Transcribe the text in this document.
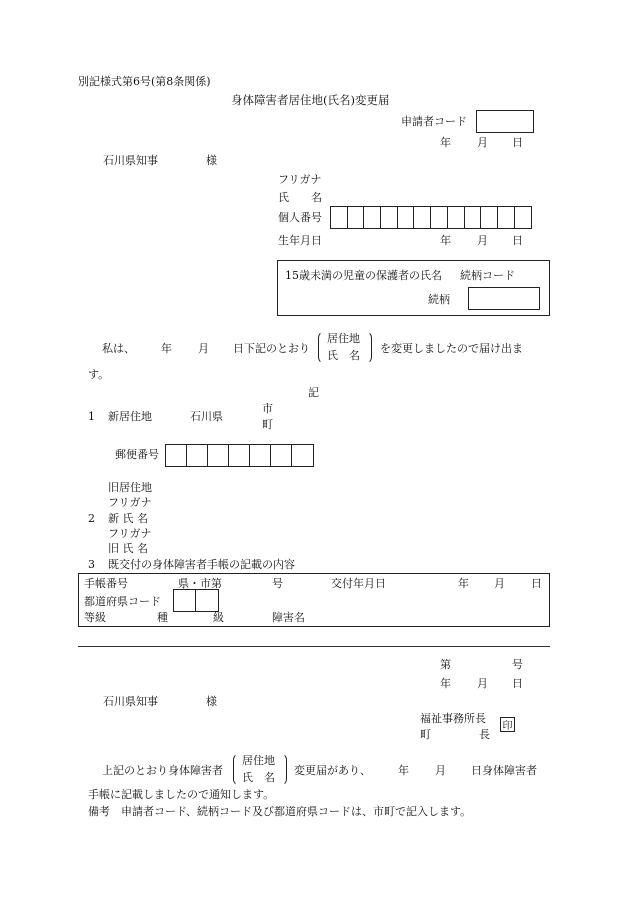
別記様式第6号(第8条関係)
身体障害者居住地(氏名)変更届
申請者コード
年 月 日
石川県知事	様
フリガナ
氏　　名
個人番号
生年月日	年 月 日
15歳未満の児童の保護者の氏名 続柄コード
続柄
私は、 年 月 日下記のとおり
居住地
氏　名
を変更しましたので届け出ま
す。
記
1 新居住地	石川県
市
町
郵便番号
旧居住地
フリガナ
2 新 氏 名
フリガナ
旧 氏 名
3 既交付の身体障害者手帳の記載の内容
手帳番号	県・市第	号	交付年月日	年 月 日
都道府県コード
等級	種	級	障害名
第	号
年 月 日
石川県知事	様
福祉事務所長
町	長
印
上記のとおり身体障害者
居住地
氏　名
変更届があり、 年 月 日身体障害者
手帳に記載しましたので通知します。
備考　申請者コード、続柄コード及び都道府県コードは、市町で記入します。
